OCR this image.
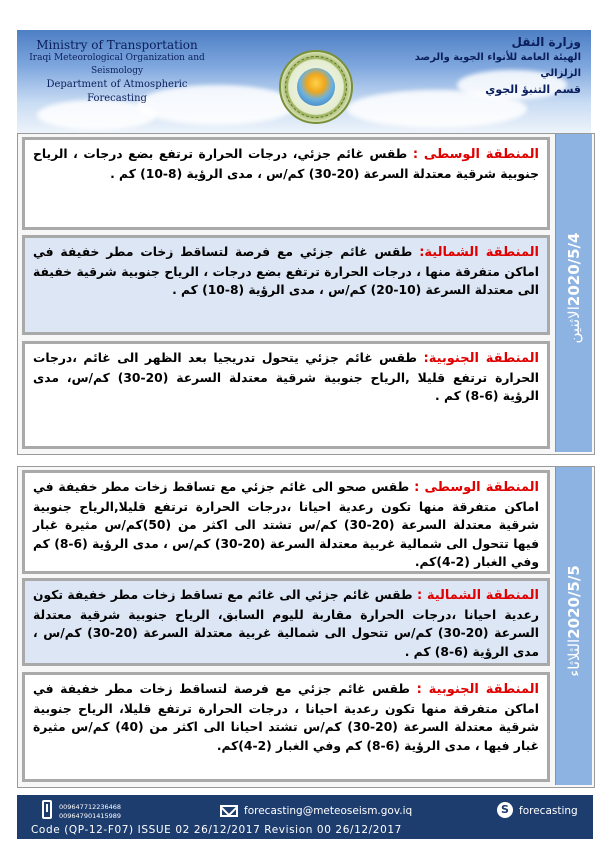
Ministry of Transportation
Iraqi Meteorological Organization and Seismology
Department of Atmospheric Forecasting
وزارة النقل
الهيئة العامة للأنواء الجوية والرصد الزلزالي
قسم التنبؤ الجوي
2020/5/4الاثنين
المنطقة الوسطى : طقس غائم جزئي، درجات الحرارة ترتفع بضع درجات ، الرياح جنوبية شرقية معتدلة السرعة (20-30) كم/س ، مدى الرؤية (8-10) كم .
المنطقة الشمالية: طقس غائم جزئي مع فرصة لتساقط زخات مطر خفيفة في اماكن متفرقة منها ، درجات الحرارة ترتفع بضع درجات ، الرياح جنوبية شرقية خفيفة الى معتدلة السرعة (10-20) كم/س ، مدى الرؤية (8-10) كم .
المنطقة الجنوبية: طقس غائم جزئي يتحول تدريجيا بعد الظهر الى غائم ،درجات الحرارة ترتفع قليلا ,الرياح جنوبية شرقية معتدلة السرعة (20-30) كم/س، مدى الرؤية (6-8) كم .
2020/5/5الثلاثاء
المنطقة الوسطى : طقس صحو الى غائم جزئي مع تساقط زخات مطر خفيفة في اماكن متفرقة منها تكون رعدية احيانا ،درجات الحرارة ترتفع قليلا,الرياح جنوبية شرقية معتدلة السرعة (20-30) كم/س تشتد الى اكثر من (50)كم/س مثيرة غبار فيها تتحول الى شمالية غربية معتدلة السرعة (20-30) كم/س ، مدى الرؤية (6-8) كم وفي الغبار (2-4)كم.
المنطقة الشمالية : طقس غائم جزئي الى غائم مع تساقط زخات مطر خفيفة تكون رعدية احيانا ،درجات الحرارة مقاربة لليوم السابق، الرياح جنوبية شرقية معتدلة السرعة (20-30) كم/س تتحول الى شمالية غربية معتدلة السرعة (20-30) كم/س ، مدى الرؤية (6-8) كم .
المنطقة الجنوبية : طقس غائم جزئي مع فرصة لتساقط زخات مطر خفيفة في اماكن متفرقة منها تكون رعدية احيانا ، درجات الحرارة ترتفع قليلا، الرياح جنوبية شرقية معتدلة السرعة (20-30) كم/س تشتد احيانا الى اكثر من (40) كم/س مثيرة غبار فيها ، مدى الرؤية (6-8) كم وفي الغبار (2-4)كم.
009647712236468
009647901415989	forecasting@meteoseism.gov.iq	S forecasting
Code (QP-12-F07) ISSUE 02 26/12/2017 Revision 00 26/12/2017
